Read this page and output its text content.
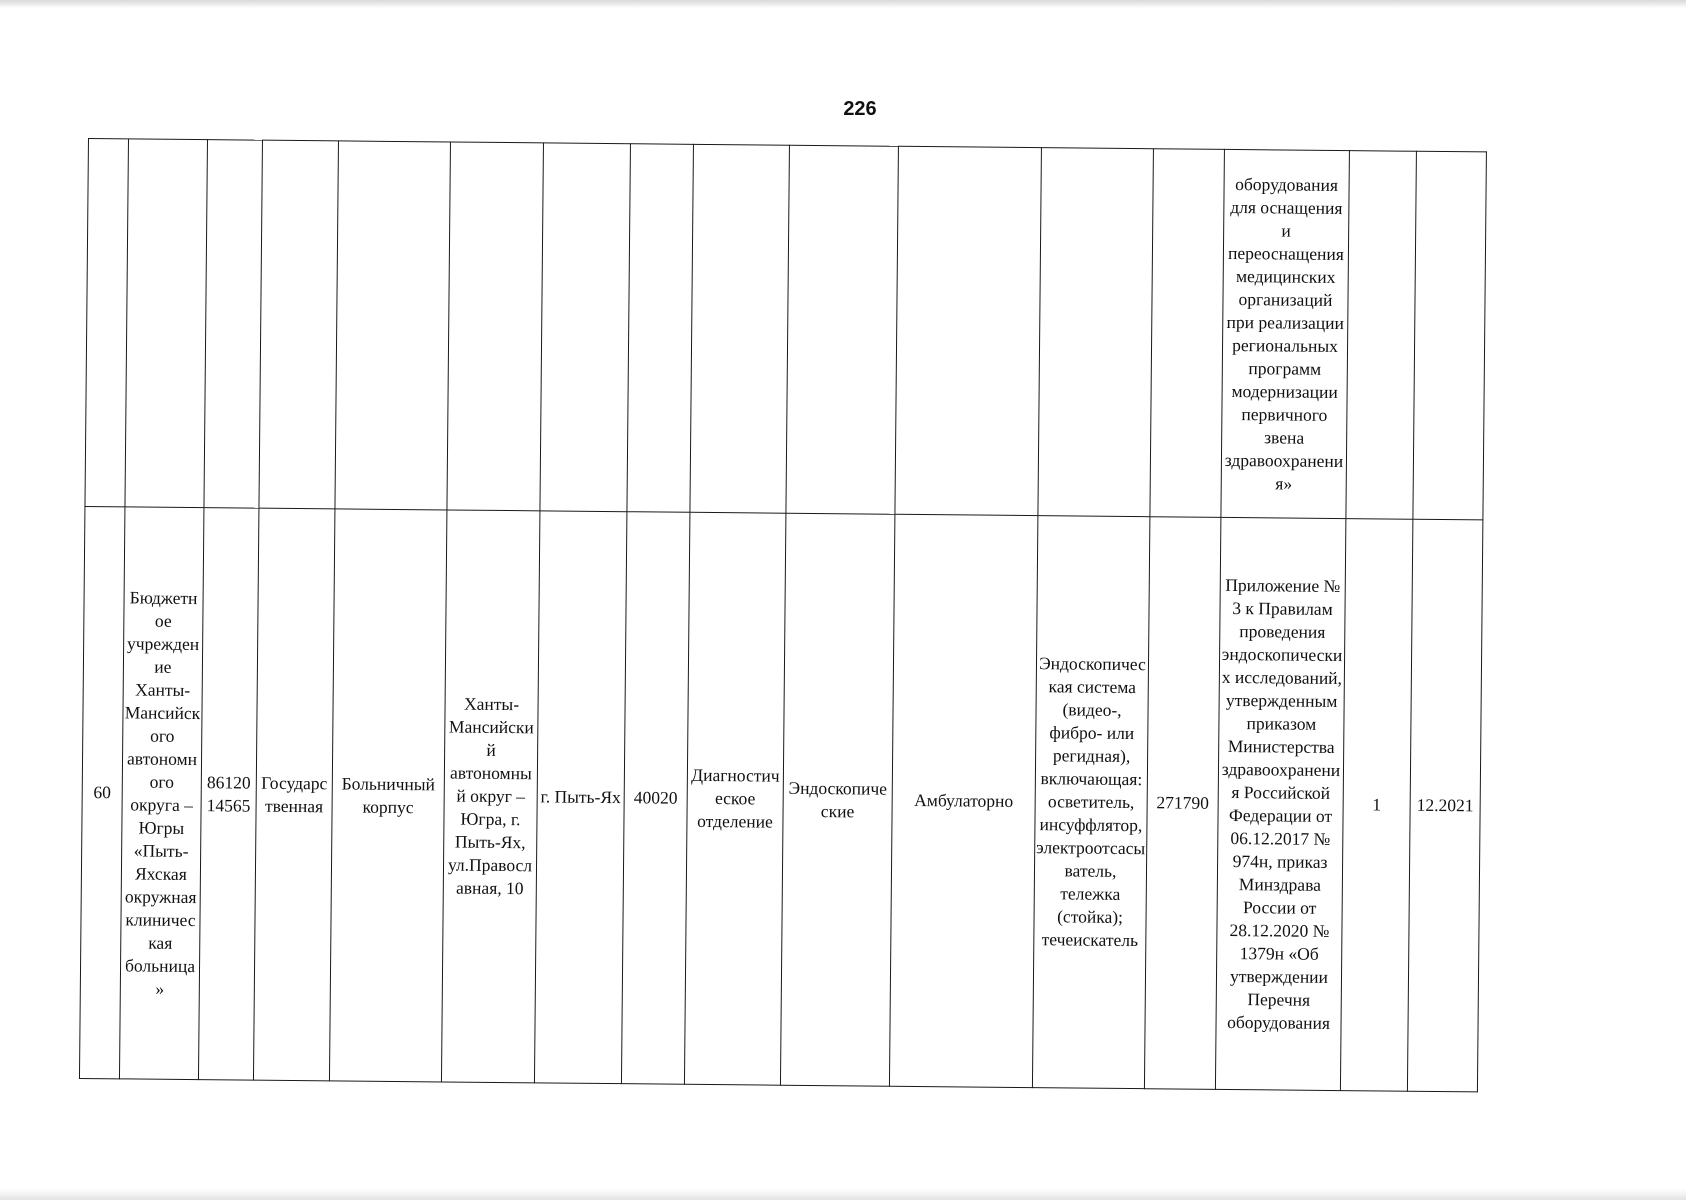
226
													оборудования для оснащения и переоснащения медицинских организаций при реализации региональных программ модернизации первичного звена здравоохранения»		
60	Бюджетное учреждение Ханты-Мансийского автономного округа – Югры «Пыть-Яхская окружная клиническая больница»	8612014565	Государственная	Больничный корпус	Ханты-Мансийский автономный округ – Югра, г. Пыть-Ях, ул.Православная, 10	г. Пыть-Ях	40020	Диагностическое отделение	Эндоскопические	Амбулаторно	Эндоскопическая система (видео-, фибро- или регидная), включающая: осветитель, инсуффлятор, электроотсасыватель, тележка (стойка); течеискатель	271790	Приложение № 3 к Правилам проведения эндоскопических исследований, утвержденным приказом Министерства здравоохранения Российской Федерации от 06.12.2017 № 974н, приказ Минздрава России от 28.12.2020 № 1379н «Об утверждении Перечня оборудования	1	12.2021
